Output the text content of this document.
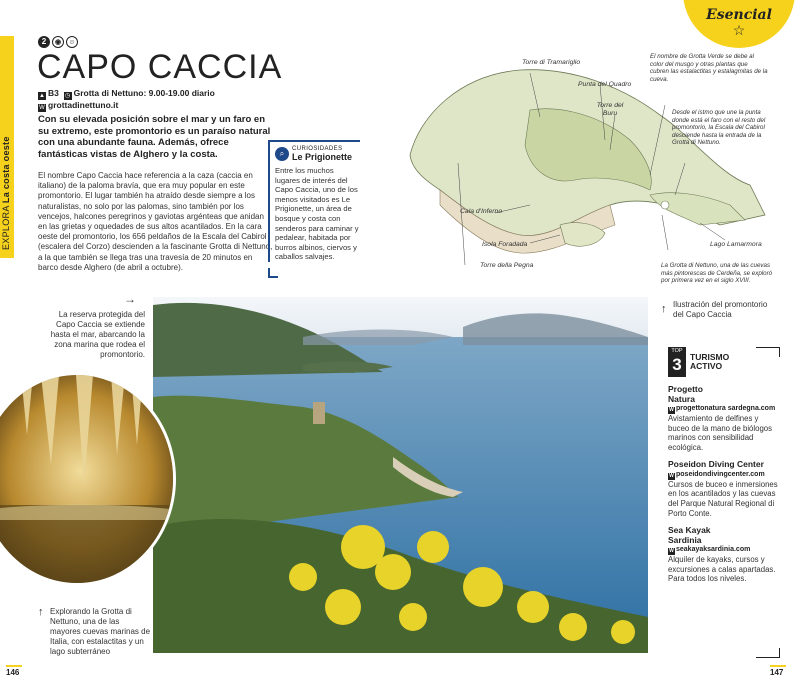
EXPLORA La costa oeste
2	◉	☺
CAPO CACCIA
▲ B3 ◷ Grotta di Nettuno: 9.00-19.00 diario
W grottadinettuno.it

Con su elevada posición sobre el mar y un faro en su extremo, este promontorio es un paraíso natural con una abundante fauna. Además, ofrece fantásticas vistas de Alghero y la costa.

El nombre Capo Caccia hace referencia a la caza (caccia en italiano) de la paloma bravía, que era muy popular en este promontorio. El lugar también ha atraído desde siempre a los naturalistas, no solo por las palomas, sino también por los vencejos, halcones peregrinos y gaviotas argénteas que anidan en las grietas y oquedades de sus altos acantilados. En la cara oeste del promontorio, los 656 peldaños de la Escala del Cabirol (escalera del Corzo) descienden a la fascinante Grotta di Nettuno, a la que también se llega tras una travesía de 20 minutos en barco desde Alghero (de abril a octubre).

⌕	CURIOSIDADES
Le Prigionette

Entre los muchos lugares de interés del Capo Caccia, uno de los menos visitados es Le Prigionette, un área de bosque y costa con senderos para caminar y pedalear, habitada por burros albinos, ciervos y caballos salvajes.

Esencial
☆
Torre di Tramariglio
Punta del Quadro
Torre del Buru
Cala d'Inferno
Isola Foradada
Torre della Pegna
Lago Lamarmora

El nombre de Grotta Verde se debe al color del musgo y otras plantas que cubren las estalactitas y estalagmitas de la cueva.

Desde el istmo que une la punta donde está el faro con el resto del promontorio, la Escala del Cabirol desciende hasta la entrada de la Grotta di Nettuno.

La Grotta di Nettuno, una de las cuevas más pintorescas de Cerdeña, se exploró por primera vez en el siglo XVIII.

↑ Ilustración del promontorio del Capo Caccia

→

La reserva protegida del Capo Caccia se extiende hasta el mar, abarcando la zona marina que rodea el promontorio.

↑ Explorando la Grotta di Nettuno, una de las mayores cuevas marinas de Italia, con estalactitas y un lago subterráneo

TOP
3 TURISMO ACTIVO
Progetto Natura
W progettonatura sardegna.com

Avistamiento de delfines y buceo de la mano de biólogos marinos con sensibilidad ecológica.

Poseidon Diving Center
W poseidondivingcenter.com

Cursos de buceo e inmersiones en los acantilados y las cuevas del Parque Natural Regional di Porto Conte.

Sea Kayak Sardinia
W seakayaksardinia.com

Alquiler de kayaks, cursos y excursiones a calas apartadas. Para todos los niveles.

146	147
